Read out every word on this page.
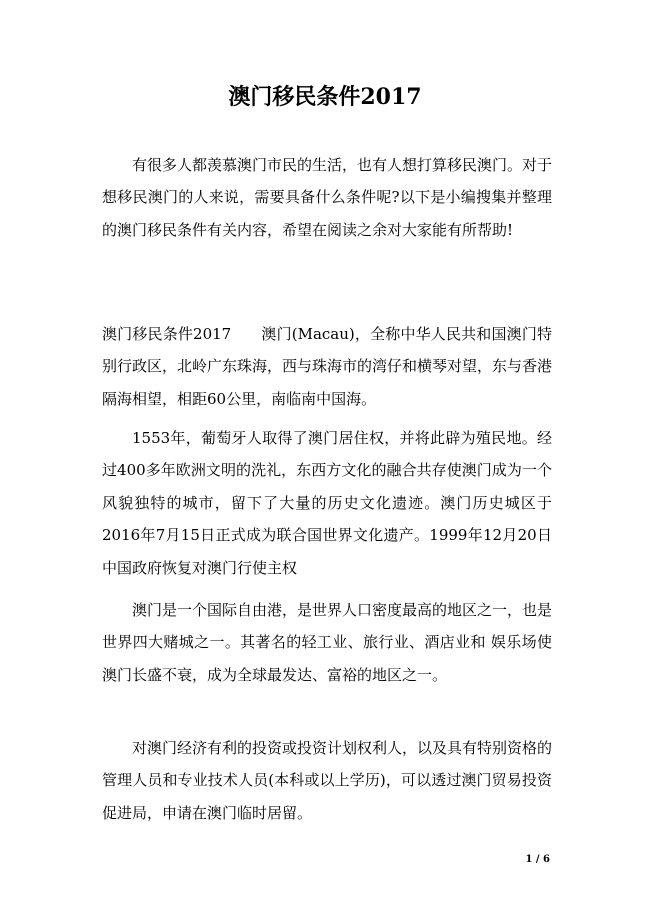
澳门移民条件2017

有很多人都羡慕澳门市民的生活，也有人想打算移民澳门。对于想移民澳门的人来说，需要具备什么条件呢?以下是小编搜集并整理的澳门移民条件有关内容，希望在阅读之余对大家能有所帮助!

澳门移民条件2017 澳门(Macau)，全称中华人民共和国澳门特别行政区，北岭广东珠海，西与珠海市的湾仔和横琴对望，东与香港隔海相望，相距60公里，南临南中国海。

1553年，葡萄牙人取得了澳门居住权，并将此辟为殖民地。经过400多年欧洲文明的洗礼，东西方文化的融合共存使澳门成为一个风貌独特的城市，留下了大量的历史文化遗迹。澳门历史城区于2016年7月15日正式成为联合国世界文化遗产。1999年12月20日中国政府恢复对澳门行使主权

澳门是一个国际自由港，是世界人口密度最高的地区之一，也是世界四大赌城之一。其著名的轻工业、旅行业、酒店业和 娱乐场使澳门长盛不衰，成为全球最发达、富裕的地区之一。

对澳门经济有利的投资或投资计划权利人，以及具有特别资格的管理人员和专业技术人员(本科或以上学历)，可以透过澳门贸易投资促进局，申请在澳门临时居留。

1 / 6
